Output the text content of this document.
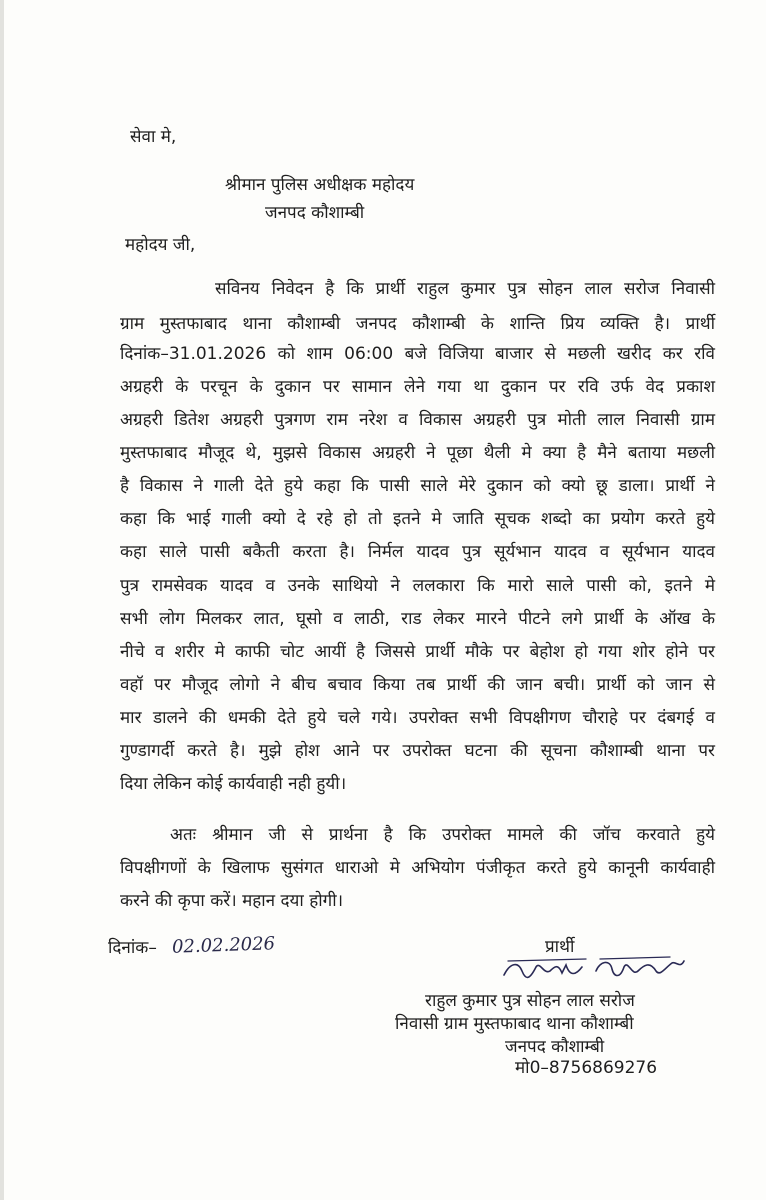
सेवा मे,
श्रीमान पुलिस अधीक्षक महोदय
जनपद कौशाम्बी
महोदय जी,
सविनय निवेदन है कि प्रार्थी राहुल कुमार पुत्र सोहन लाल सरोज निवासी
ग्राम मुस्तफाबाद थाना कौशाम्बी जनपद कौशाम्बी के शान्ति प्रिय व्यक्ति है। प्रार्थी
दिनांक–31.01.2026 को शाम 06:00 बजे विजिया बाजार से मछली खरीद कर रवि
अग्रहरी के परचून के दुकान पर सामान लेने गया था दुकान पर रवि उर्फ वेद प्रकाश
अग्रहरी डितेश अग्रहरी पुत्रगण राम नरेश व विकास अग्रहरी पुत्र मोती लाल निवासी ग्राम
मुस्तफाबाद मौजूद थे, मुझसे विकास अग्रहरी ने पूछा थैली मे क्या है मैने बताया मछली
है विकास ने गाली देते हुये कहा कि पासी साले मेरे दुकान को क्यो छू डाला। प्रार्थी ने
कहा कि भाई गाली क्यो दे रहे हो तो इतने मे जाति सूचक शब्दो का प्रयोग करते हुये
कहा साले पासी बकैती करता है। निर्मल यादव पुत्र सूर्यभान यादव व सूर्यभान यादव
पुत्र रामसेवक यादव व उनके साथियो ने ललकारा कि मारो साले पासी को, इतने मे
सभी लोग मिलकर लात, घूसो व लाठी, राड लेकर मारने पीटने लगे प्रार्थी के ऑख के
नीचे व शरीर मे काफी चोट आयीं है जिससे प्रार्थी मौके पर बेहोश हो गया शोर होने पर
वहॉ पर मौजूद लोगो ने बीच बचाव किया तब प्रार्थी की जान बची। प्रार्थी को जान से
मार डालने की धमकी देते हुये चले गये। उपरोक्त सभी विपक्षीगण चौराहे पर दंबगई व
गुण्डागर्दी करते है। मुझे होश आने पर उपरोक्त घटना की सूचना कौशाम्बी थाना पर
दिया लेकिन कोई कार्यवाही नही हुयी।
अतः श्रीमान जी से प्रार्थना है कि उपरोक्त मामले की जॉच करवाते हुये
विपक्षीगणों के खिलाफ सुसंगत धाराओ मे अभियोग पंजीकृत करते हुये कानूनी कार्यवाही
करने की कृपा करें। महान दया होगी।
दिनांक– 02.02.2026	प्रार्थी
राहुल कुमार पुत्र सोहन लाल सरोज
निवासी ग्राम मुस्तफाबाद थाना कौशाम्बी
जनपद कौशाम्बी
मो0–8756869276
